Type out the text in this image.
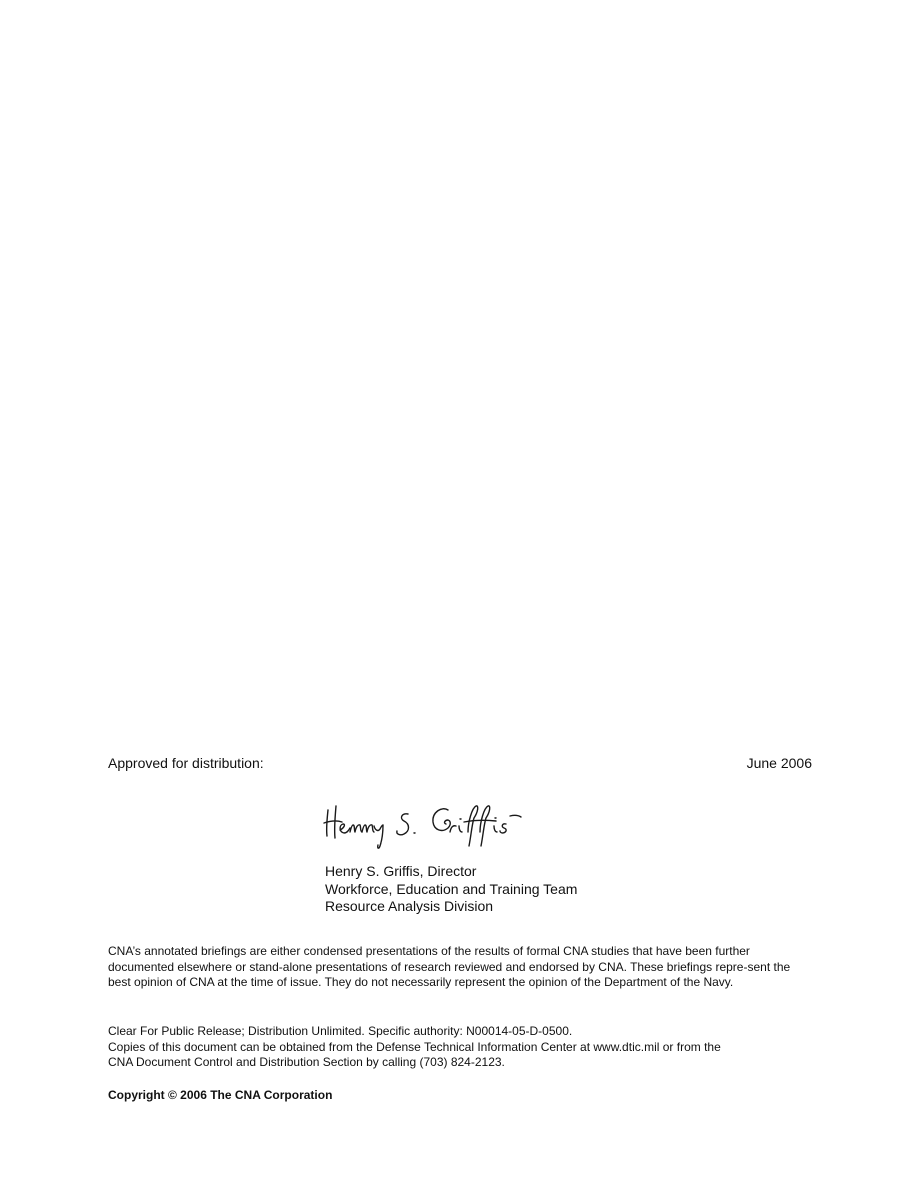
Approved for distribution:	June 2006
Henry S. Griffis, Director
Workforce, Education and Training Team
Resource Analysis Division
CNA’s annotated briefings are either condensed presentations of the results of formal CNA studies that have been further documented elsewhere or stand-alone presentations of research reviewed and endorsed by CNA. These briefings repre-sent the best opinion of CNA at the time of issue. They do not necessarily represent the opinion of the Department of the Navy.
Clear For Public Release; Distribution Unlimited. Specific authority: N00014-05-D-0500.
Copies of this document can be obtained from the Defense Technical Information Center at www.dtic.mil or from the
CNA Document Control and Distribution Section by calling (703) 824-2123.
Copyright © 2006 The CNA Corporation
